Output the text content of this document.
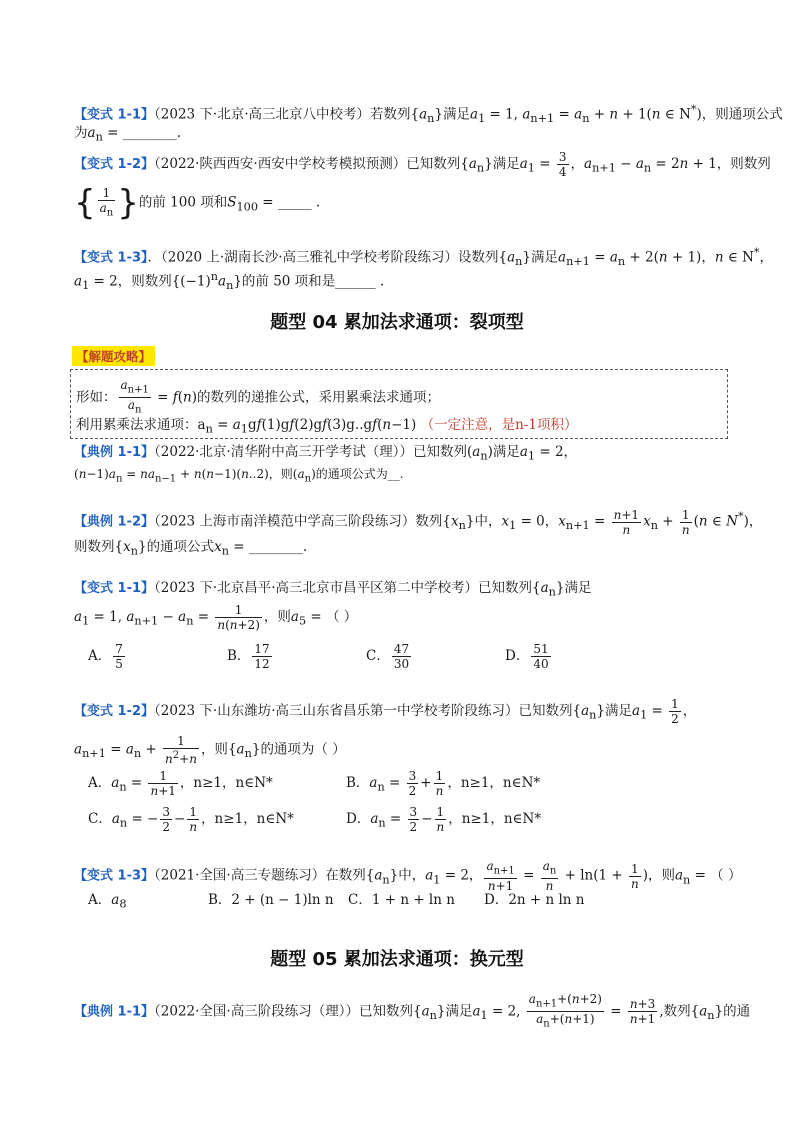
【变式 1-1】（2023 下·北京·高三北京八中校考）若数列$\{a_n\}$满足$a_1 = 1$, $a_{n+1} = a_n + n + 1(n$ ∈ N*)，则通项公式
为$a_n$ = ________.
【变式 1-2】（2022·陕西西安·西安中学校考模拟预测）已知数列$\{a_n\}$满足$a_1 = \frac{3}{4}$ ，$a_{n+1} - a_n = 2n + 1$，则数列
{ $\frac{1}{a_n}$ }的前 100 项和$S_{100}$ = _____ .
【变式 1-3】．（2020 上·湖南长沙·高三雅礼中学校考阶段练习）设数列$\{a_n\}$满足$a_{n+1} = a_n + 2(n + 1)$，n ∈ N*，
$a_1 = 2$，则数列$\{(-1)^na_n\}$的前 50 项和是______ .
题型 04 累加法求通项：裂项型
【解题攻略】
形如： $\frac{a_{n+1}}{a_n} = f(n)$的数列的递推公式，采用累乘法求通项；
利用累乘法求通项：$a_n = a_1gf(1)gf(2)gf(3)g..gf(n-1)$ （一定注意，是n-1项积）
【典例 1-1】（2022·北京·清华附中高三开学考试（理））已知数列$(a_n)$满足$a_1 = 2$，
$(n-1)a_n = na_{n-1} + n(n-1)(n..2)$，则$(a_n)$的通项公式为__.
【典例 1-2】（2023 上海市南洋模范中学高三阶段练习）数列$\{x_n\}$中，$x_1 = 0$，$x_{n+1} = \frac{n+1}{n} x_n + \frac{1}{n} (n$ ∈ N*)，
则数列$\{x_n\}$的通项公式$x_n$ = ________.
【变式 1-1】（2023 下·北京昌平·高三北京市昌平区第二中学校考）已知数列$\{a_n\}$满足
$a_1 = 1$, $a_{n+1} - a_n = \frac{1}{n(n+2)}$ ，则$a_5$ = （ ）
A． $\frac{7}{5}$	B． $\frac{17}{12}$	C． $\frac{47}{30}$	D． $\frac{51}{40}$
【变式 1-2】（2023 下·山东潍坊·高三山东省昌乐第一中学校考阶段练习）已知数列$\{a_n\}$满足$a_1 = \frac{1}{2}$ ，
$a_{n+1} = a_n + \frac{1}{n^2+n}$ ，则$\{a_n\}$的通项为（ ）
A．$a_n = \frac{1}{n+1}$ ，n≥1，n∈N*	B．$a_n = \frac{3}{2} + \frac{1}{n}$ ，n≥1，n∈N*
C．$a_n$ = − $\frac{3}{2} - \frac{1}{n}$ ，n≥1，n∈N*	D．$a_n = \frac{3}{2} - \frac{1}{n}$ ，n≥1，n∈N*
【变式 1-3】（2021·全国·高三专题练习）在数列$\{a_n\}$中，$a_1 = 2$， $\frac{a_{n+1}}{n+1} = \frac{a_n}{n} + \ln(1 + \frac{1}{n}$ )，则$a_n$ = （ ）
A．$a_8$	B．2 + (n − 1)ln n C．1 + n + ln n D．2n + n ln n
题型 05 累加法求通项：换元型
【典例 1-1】（2022·全国·高三阶段练习（理））已知数列$\{a_n\}$满足$a_1 = 2$, $\frac{a_{n+1}+(n+2)}{a_n+(n+1)} = \frac{n+3}{n+1}$ ,数列$\{a_n\}$的通
